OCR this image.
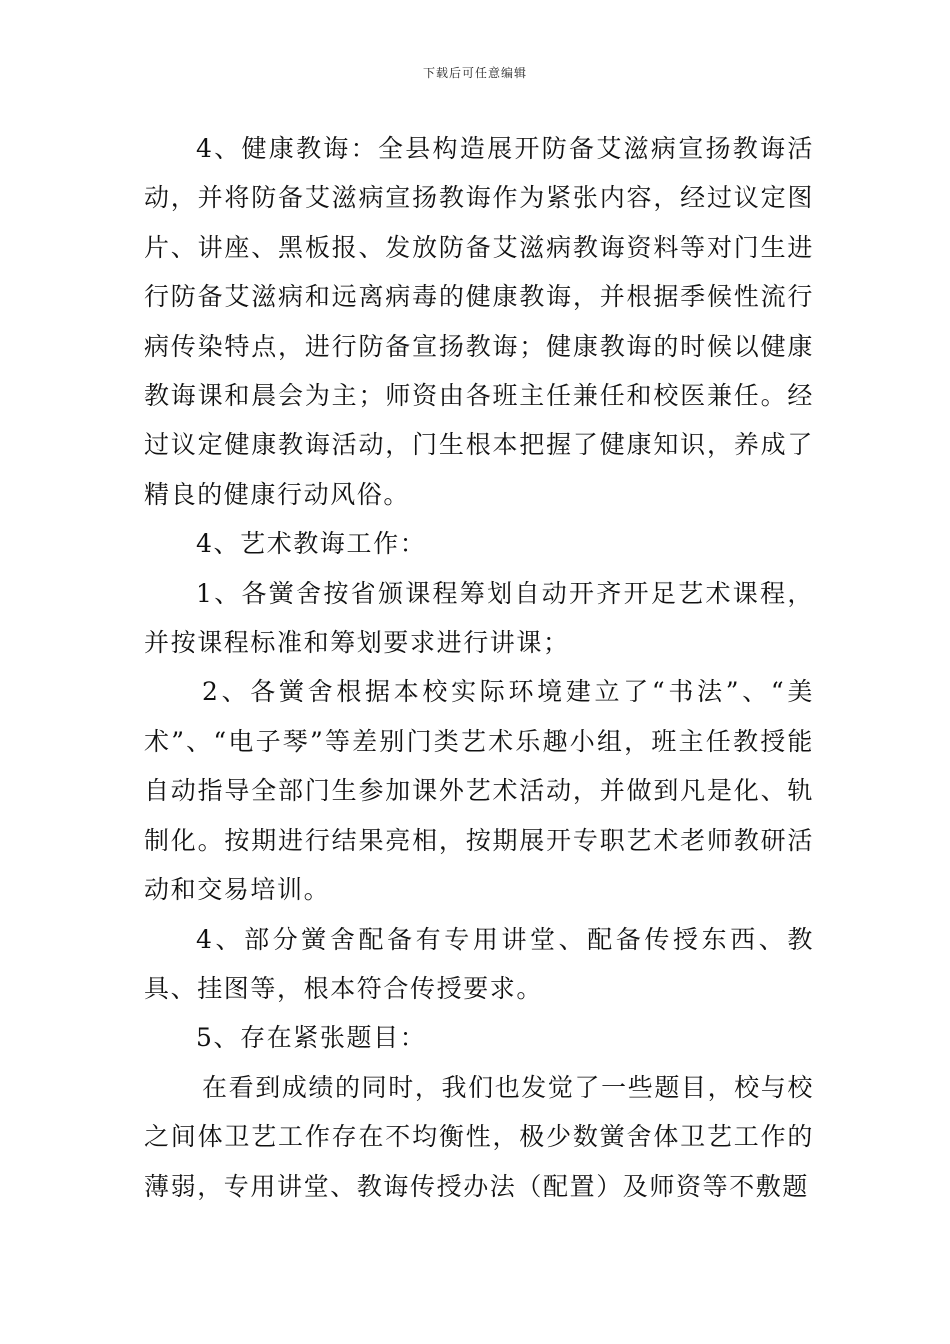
下载后可任意编辑

4、健康教诲：全县构造展开防备艾滋病宣扬教诲活动，并将防备艾滋病宣扬教诲作为紧张内容，经过议定图片、讲座、黑板报、发放防备艾滋病教诲资料等对门生进行防备艾滋病和远离病毒的健康教诲，并根据季候性流行病传染特点，进行防备宣扬教诲；健康教诲的时候以健康教诲课和晨会为主；师资由各班主任兼任和校医兼任。经过议定健康教诲活动，门生根本把握了健康知识，养成了精良的健康行动风俗。

4、艺术教诲工作：

1、各黉舍按省颁课程筹划自动开齐开足艺术课程，并按课程标准和筹划要求进行讲课；

2、各黉舍根据本校实际环境建立了“书法”、“美术”、“电子琴”等差别门类艺术乐趣小组，班主任教授能自动指导全部门生参加课外艺术活动，并做到凡是化、轨制化。按期进行结果亮相，按期展开专职艺术老师教研活动和交易培训。

4、部分黉舍配备有专用讲堂、配备传授东西、教具、挂图等，根本符合传授要求。

5、存在紧张题目：

在看到成绩的同时，我们也发觉了一些题目，校与校之间体卫艺工作存在不均衡性，极少数黉舍体卫艺工作的薄弱，专用讲堂、教诲传授办法（配置）及师资等不敷题
